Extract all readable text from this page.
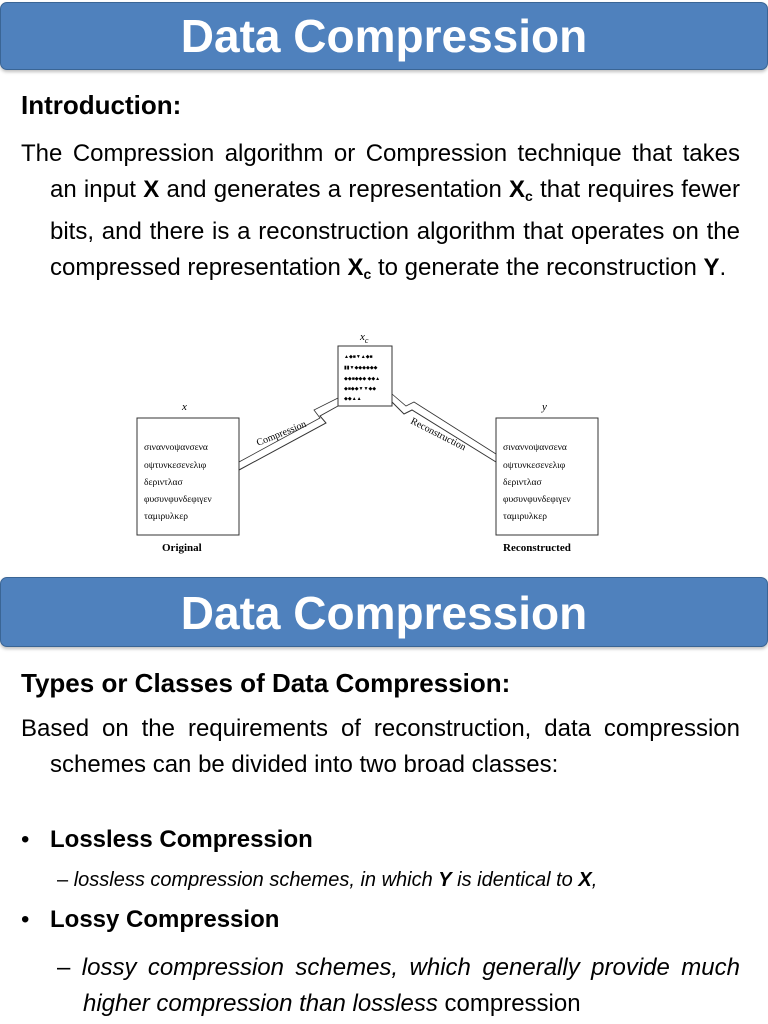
Data Compression
Introduction:
The Compression algorithm or Compression technique that takes an input X and generates a representation $X_c$ that requires fewer bits, and there is a reconstruction algorithm that operates on the compressed representation $X_c$ to generate the reconstruction Y.
$x_c$
x	y
▲◆■▼▲◆■
▮▮▼◆◆◆◆◆◆
◆◆■◆◆◆ ◆◆▲
◆■◆◆▼▼◆◆
◆◆▲▲
σιναννοψανσενα
οψτυνκεσενελιφ
δεριντλασ
φυσυνφυνδεφιγεν
ταμιρυλκερ
σιναννοψανσενα
οψτυνκεσενελιφ
δεριντλασ
φυσυνφυνδεφιγεν
ταμιρυλκερ
Compression	Reconstruction
Original	Reconstructed
Data Compression
Types or Classes of Data Compression:
Based on the requirements of reconstruction, data compression schemes can be divided into two broad classes:
• Lossless Compression
– lossless compression schemes, in which Y is identical to X,
• Lossy Compression
– lossy compression schemes, which generally provide much higher compression than lossless compression
